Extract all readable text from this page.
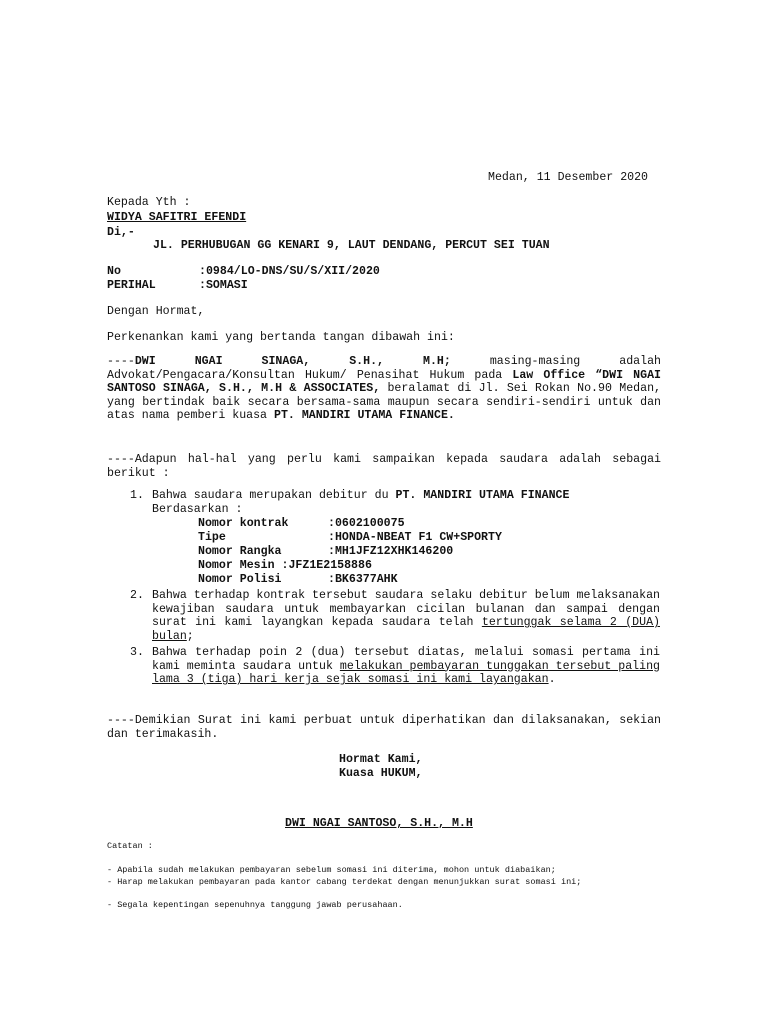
Medan, 11 Desember 2020
Kepada Yth :
WIDYA SAFITRI EFENDI
Di,-
JL. PERHUBUGAN GG KENARI 9, LAUT DENDANG, PERCUT SEI TUAN
No	:0984/LO-DNS/SU/S/XII/2020
PERIHAL	:SOMASI
Dengan Hormat,
Perkenankan kami yang bertanda tangan dibawah ini:
----DWI NGAI SINAGA, S.H., M.H; masing-masing adalah Advokat/Pengacara/Konsultan Hukum/ Penasihat Hukum pada Law Office “DWI NGAI SANTOSO SINAGA, S.H., M.H & ASSOCIATES, beralamat di Jl. Sei Rokan No.90 Medan, yang bertindak baik secara bersama-sama maupun secara sendiri-sendiri untuk dan atas nama pemberi kuasa PT. MANDIRI UTAMA FINANCE.
----Adapun hal-hal yang perlu kami sampaikan kepada saudara adalah sebagai berikut :
1. Bahwa saudara merupakan debitur du PT. MANDIRI UTAMA FINANCE
Berdasarkan :
Nomor kontrak	:0602100075
Tipe	:HONDA-NBEAT F1 CW+SPORTY
Nomor Rangka	:MH1JFZ12XHK146200
Nomor Mesin :JFZ1E2158886
Nomor Polisi	:BK6377AHK
2. Bahwa terhadap kontrak tersebut saudara selaku debitur belum melaksanakan kewajiban saudara untuk membayarkan cicilan bulanan dan sampai dengan surat ini kami layangkan kepada saudara telah tertunggak selama 2 (DUA) bulan;
3. Bahwa terhadap poin 2 (dua) tersebut diatas, melalui somasi pertama ini kami meminta saudara untuk melakukan pembayaran tunggakan tersebut paling lama 3 (tiga) hari kerja sejak somasi ini kami layangakan.
----Demikian Surat ini kami perbuat untuk diperhatikan dan dilaksanakan, sekian dan terimakasih.
Hormat Kami,
Kuasa HUKUM,
DWI NGAI SANTOSO, S.H., M.H
Catatan :
- Apabila sudah melakukan pembayaran sebelum somasi ini diterima, mohon untuk diabaikan;
- Harap melakukan pembayaran pada kantor cabang terdekat dengan menunjukkan surat somasi ini;
- Segala kepentingan sepenuhnya tanggung jawab perusahaan.
